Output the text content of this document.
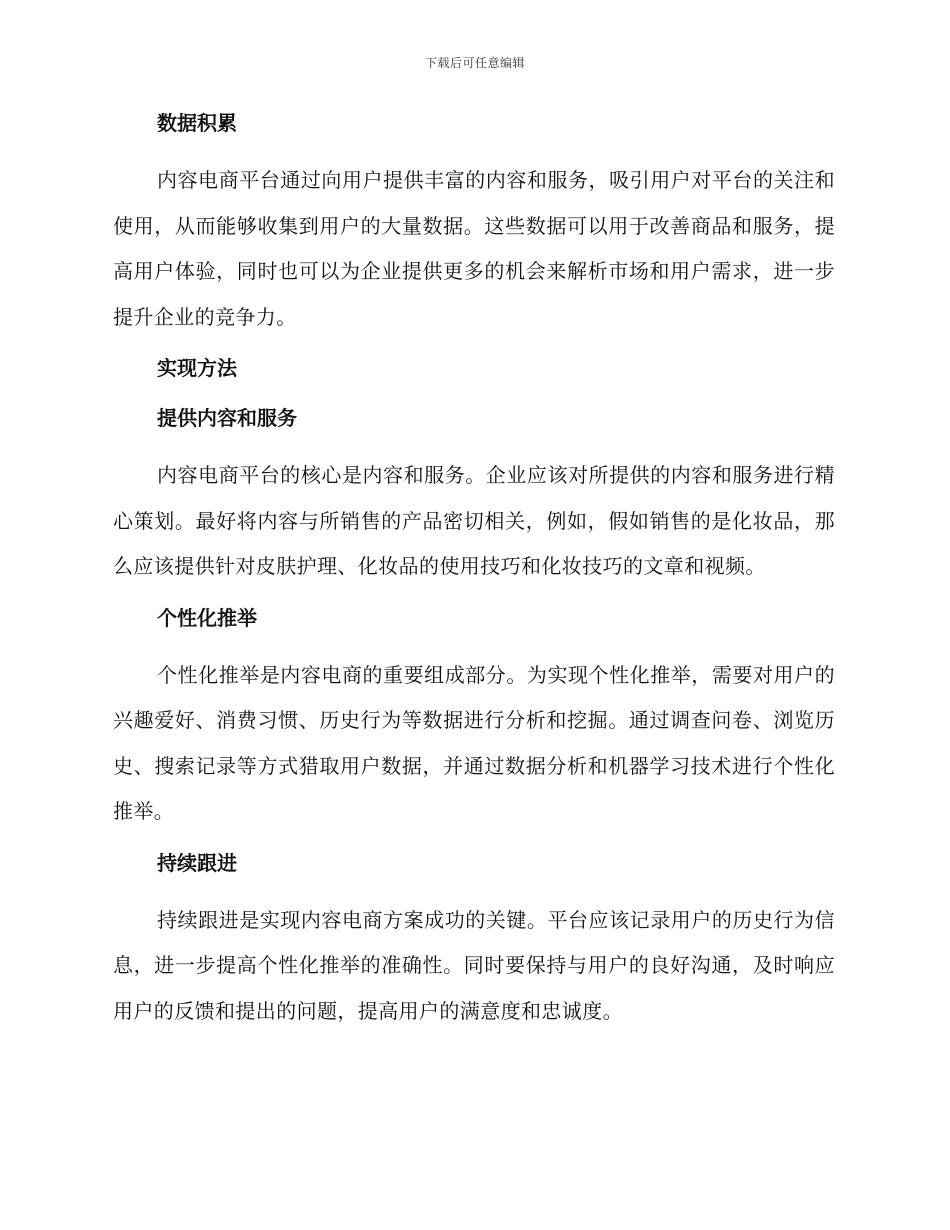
下载后可任意编辑
数据积累

内容电商平台通过向用户提供丰富的内容和服务，吸引用户对平台的关注和使用，从而能够收集到用户的大量数据。这些数据可以用于改善商品和服务，提高用户体验，同时也可以为企业提供更多的机会来解析市场和用户需求，进一步提升企业的竞争力。

实现方法
提供内容和服务

内容电商平台的核心是内容和服务。企业应该对所提供的内容和服务进行精心策划。最好将内容与所销售的产品密切相关，例如，假如销售的是化妆品，那么应该提供针对皮肤护理、化妆品的使用技巧和化妆技巧的文章和视频。

个性化推举

个性化推举是内容电商的重要组成部分。为实现个性化推举，需要对用户的兴趣爱好、消费习惯、历史行为等数据进行分析和挖掘。通过调查问卷、浏览历史、搜索记录等方式猎取用户数据，并通过数据分析和机器学习技术进行个性化推举。

持续跟进

持续跟进是实现内容电商方案成功的关键。平台应该记录用户的历史行为信息，进一步提高个性化推举的准确性。同时要保持与用户的良好沟通，及时响应用户的反馈和提出的问题，提高用户的满意度和忠诚度。
